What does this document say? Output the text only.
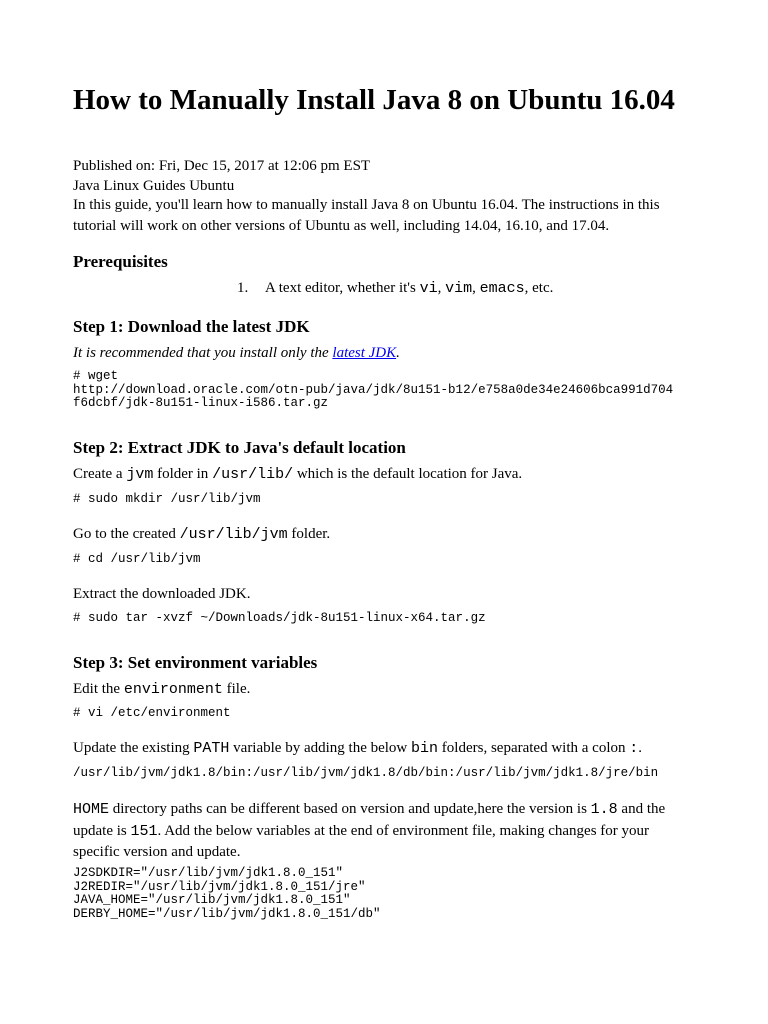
How to Manually Install Java 8 on Ubuntu 16.04
Published on: Fri, Dec 15, 2017 at 12:06 pm EST
Java Linux Guides Ubuntu
In this guide, you'll learn how to manually install Java 8 on Ubuntu 16.04. The instructions in this tutorial will work on other versions of Ubuntu as well, including 14.04, 16.10, and 17.04.
Prerequisites
1. A text editor, whether it's vi, vim, emacs, etc.
Step 1: Download the latest JDK
It is recommended that you install only the latest JDK.
# wget
http://download.oracle.com/otn-pub/java/jdk/8u151-b12/e758a0de34e24606bca991d704
f6dcbf/jdk-8u151-linux-i586.tar.gz
Step 2: Extract JDK to Java's default location
Create a jvm folder in /usr/lib/ which is the default location for Java.
# sudo mkdir /usr/lib/jvm
Go to the created /usr/lib/jvm folder.
# cd /usr/lib/jvm
Extract the downloaded JDK.
# sudo tar -xvzf ~/Downloads/jdk-8u151-linux-x64.tar.gz
Step 3: Set environment variables
Edit the environment file.
# vi /etc/environment
Update the existing PATH variable by adding the below bin folders, separated with a colon :.
/usr/lib/jvm/jdk1.8/bin:/usr/lib/jvm/jdk1.8/db/bin:/usr/lib/jvm/jdk1.8/jre/bin
HOME directory paths can be different based on version and update,here the version is 1.8 and the update is 151. Add the below variables at the end of environment file, making changes for your specific version and update.
J2SDKDIR="/usr/lib/jvm/jdk1.8.0_151"
J2REDIR="/usr/lib/jvm/jdk1.8.0_151/jre"
JAVA_HOME="/usr/lib/jvm/jdk1.8.0_151"
DERBY_HOME="/usr/lib/jvm/jdk1.8.0_151/db"
